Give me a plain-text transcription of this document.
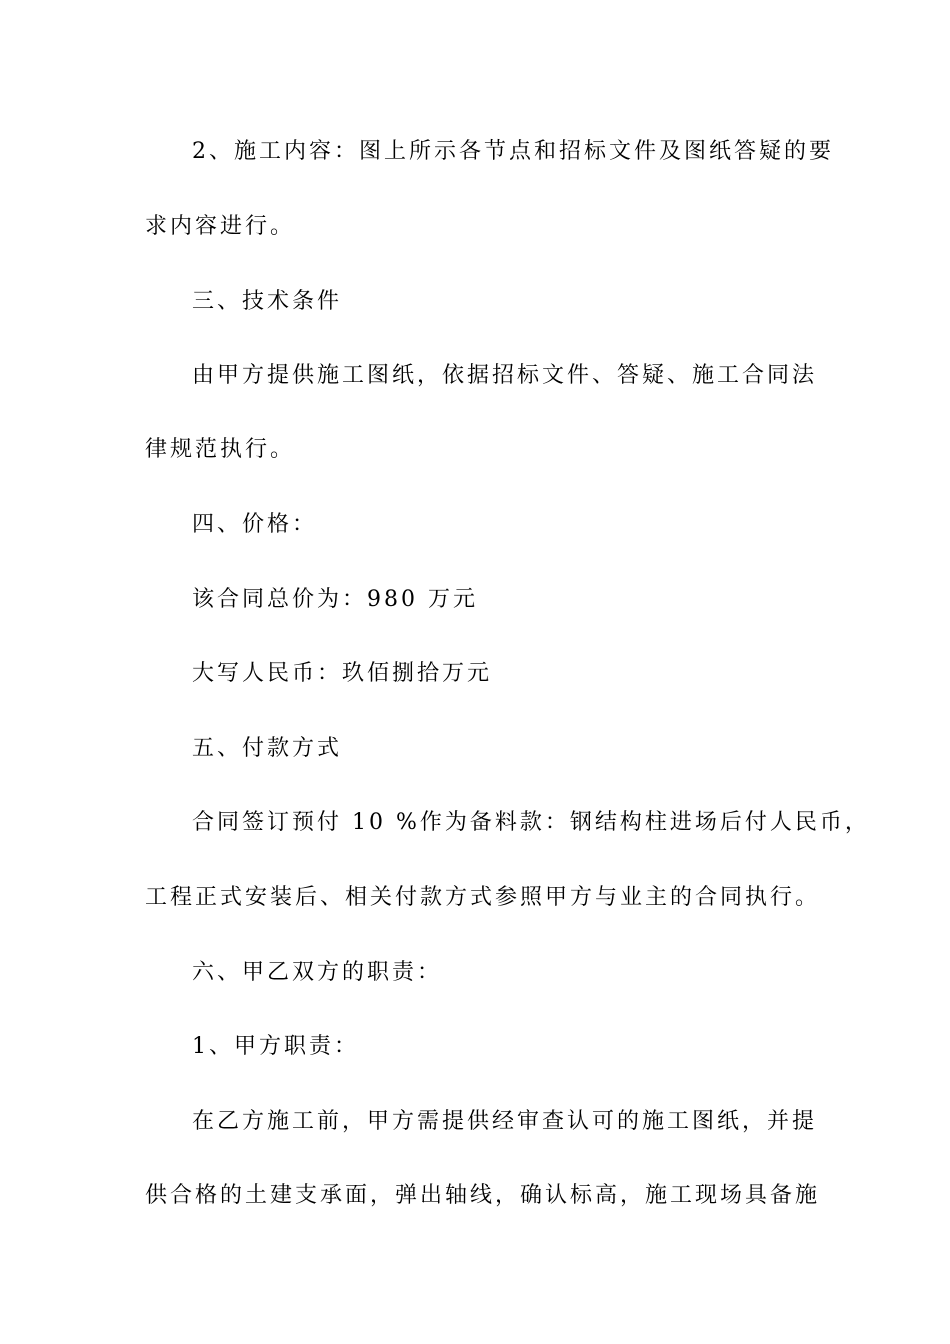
2、施工内容：图上所示各节点和招标文件及图纸答疑的要
求内容进行。
三、技术条件
由甲方提供施工图纸，依据招标文件、答疑、施工合同法
律规范执行。
四、价格：
该合同总价为：980 万元
大写人民币：玖佰捌拾万元
五、付款方式
合同签订预付 10 %作为备料款：钢结构柱进场后付人民币，
工程正式安装后、相关付款方式参照甲方与业主的合同执行。
六、甲乙双方的职责：
1、甲方职责：
在乙方施工前，甲方需提供经审查认可的施工图纸，并提
供合格的土建支承面，弹出轴线，确认标高，施工现场具备施
